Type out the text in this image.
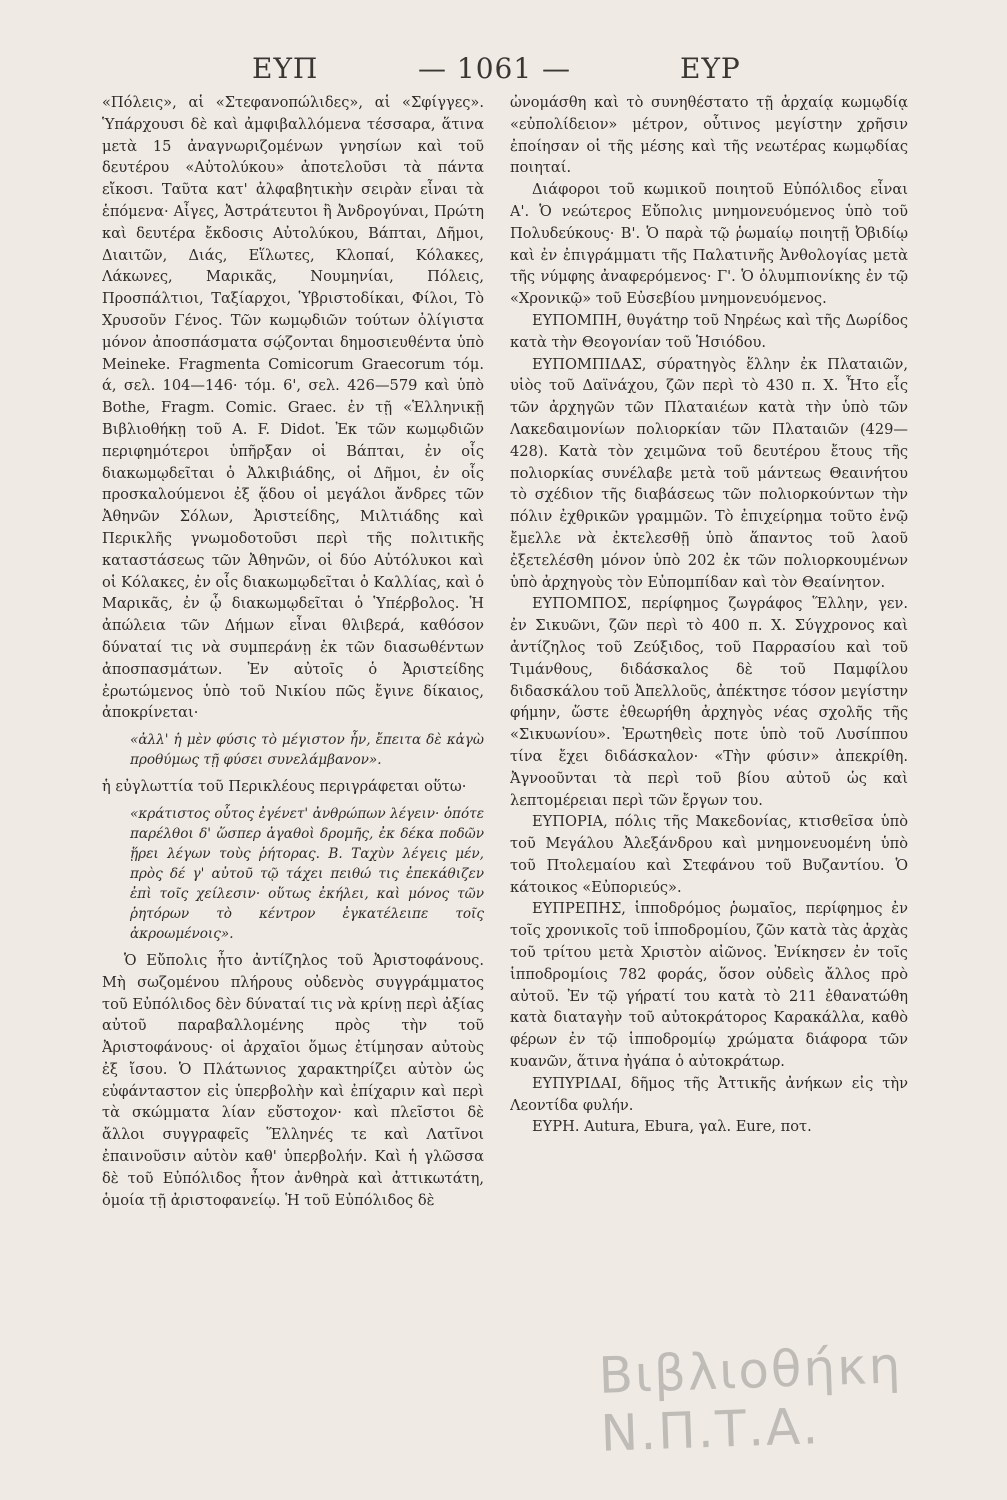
ΕΥΠ	— 1061 —	ΕΥΡ

«Πόλεις», αἱ «Στεφανοπώλιδες», αἱ «Σφίγγες». Ὑπάρχουσι δὲ καὶ ἀμφιβαλλόμενα τέσσαρα, ἅτινα μετὰ 15 ἀναγνωριζομένων γνησίων καὶ τοῦ δευτέρου «Αὐτολύκου» ἀποτελοῦσι τὰ πάντα εἴκοσι. Ταῦτα κατ' ἀλφαβητικὴν σειρὰν εἶναι τὰ ἑπόμενα· Αἶγες, Ἀστράτευτοι ἢ Ἀνδρογύναι, Πρώτη καὶ δευτέρα ἔκδοσις Αὐτολύκου, Βάπται, Δῆμοι, Διαιτῶν, Διάς, Εἵλωτες, Κλοπαί, Κόλακες, Λάκωνες, Μαρικᾶς, Νουμηνίαι, Πόλεις, Προσπάλτιοι, Ταξίαρχοι, Ὑβριστοδίκαι, Φίλοι, Τὸ Χρυσοῦν Γένος. Τῶν κωμῳδιῶν τούτων ὀλίγιστα μόνον ἀποσπάσματα σῴζονται δημοσιευθέντα ὑπὸ Meineke. Fragmenta Comicorum Graecorum τόμ. ά, σελ. 104—146· τόμ. 6', σελ. 426—579 καὶ ὑπὸ Bothe, Fragm. Comic. Graec. ἐν τῇ «Ἑλληνικῇ Βιβλιοθήκῃ τοῦ Α. F. Didot. Ἐκ τῶν κωμῳδιῶν περιφημότεροι ὑπῆρξαν οἱ Βάπται, ἐν οἷς διακωμῳδεῖται ὁ Ἀλκιβιάδης, οἱ Δῆμοι, ἐν οἷς προσκαλούμενοι ἐξ ᾅδου οἱ μεγάλοι ἄνδρες τῶν Ἀθηνῶν Σόλων, Ἀριστείδης, Μιλτιάδης καὶ Περικλῆς γνωμοδοτοῦσι περὶ τῆς πολιτικῆς καταστάσεως τῶν Ἀθηνῶν, οἱ δύο Αὐτόλυκοι καὶ οἱ Κόλακες, ἐν οἷς διακωμῳδεῖται ὁ Καλλίας, καὶ ὁ Μαρικᾶς, ἐν ᾧ διακωμῳδεῖται ὁ Ὑπέρβολος. Ἡ ἀπώλεια τῶν Δήμων εἶναι θλιβερά, καθόσον δύναταί τις νὰ συμπεράνῃ ἐκ τῶν διασωθέντων ἀποσπασμάτων. Ἐν αὐτοῖς ὁ Ἀριστείδης ἐρωτώμενος ὑπὸ τοῦ Νικίου πῶς ἔγινε δίκαιος, ἀποκρίνεται·

«ἀλλ' ἡ μὲν φύσις τὸ μέγιστον ἦν, ἔπειτα δὲ κἀγὼ προθύμως τῇ φύσει συνελάμβανον».

ἡ εὐγλωττία τοῦ Περικλέους περιγράφεται οὕτω·

«κράτιστος οὗτος ἐγένετ' ἀνθρώπων λέγειν· ὁπότε παρέλθοι δ' ὥσπερ ἀγαθοὶ δρομῆς, ἐκ δέκα ποδῶν ᾕρει λέγων τοὺς ῥήτορας. Β. Ταχὺν λέγεις μέν, πρὸς δέ γ' αὐτοῦ τῷ τάχει πειθώ τις ἐπεκάθιζεν ἐπὶ τοῖς χείλεσιν· οὕτως ἐκήλει, καὶ μόνος τῶν ῥητόρων τὸ κέντρον ἐγκατέλειπε τοῖς ἀκροωμένοις».

Ὁ Εὔπολις ἦτο ἀντίζηλος τοῦ Ἀριστοφάνους. Μὴ σωζομένου πλήρους οὐδενὸς συγγράμματος τοῦ Εὐπόλιδος δὲν δύναταί τις νὰ κρίνῃ περὶ ἀξίας αὐτοῦ παραβαλλομένης πρὸς τὴν τοῦ Ἀριστοφάνους· οἱ ἀρχαῖοι ὅμως ἐτίμησαν αὐτοὺς ἐξ ἴσου. Ὁ Πλάτωνιος χαρακτηρίζει αὐτὸν ὡς εὐφάνταστον εἰς ὑπερβολὴν καὶ ἐπίχαριν καὶ περὶ τὰ σκώμματα λίαν εὔστοχον· καὶ πλεῖστοι δὲ ἄλλοι συγγραφεῖς Ἕλληνές τε καὶ Λατῖνοι ἐπαινοῦσιν αὐτὸν καθ' ὑπερβολήν. Καὶ ἡ γλῶσσα δὲ τοῦ Εὐπόλιδος ἦτον ἀνθηρὰ καὶ ἀττικωτάτη, ὁμοία τῇ ἀριστοφανείῳ. Ἡ τοῦ Εὐπόλιδος δὲ

ὠνομάσθη καὶ τὸ συνηθέστατο τῇ ἀρχαίᾳ κωμῳδίᾳ «εὐπολίδειον» μέτρον, οὗτινος μεγίστην χρῆσιν ἐποίησαν οἱ τῆς μέσης καὶ τῆς νεωτέρας κωμῳδίας ποιηταί.

Διάφοροι τοῦ κωμικοῦ ποιητοῦ Εὐπόλιδος εἶναι Α'. Ὁ νεώτερος Εὔπολις μνημονευόμενος ὑπὸ τοῦ Πολυδεύκους· Β'. Ὁ παρὰ τῷ ῥωμαίῳ ποιητῇ Ὀβιδίῳ καὶ ἐν ἐπιγράμματι τῆς Παλατινῆς Ἀνθολογίας μετὰ τῆς νύμφης ἀναφερόμενος· Γ'. Ὁ ὀλυμπιονίκης ἐν τῷ «Χρονικῷ» τοῦ Εὐσεβίου μνημονευόμενος.

ΕΥΠΟΜΠΗ, θυγάτηρ τοῦ Νηρέως καὶ τῆς Δωρίδος κατὰ τὴν Θεογονίαν τοῦ Ἡσιόδου.

ΕΥΠΟΜΠΙΔΑΣ, σύρατηγὸς ἕλλην ἐκ Πλαταιῶν, υἱὸς τοῦ Δαϊνάχου, ζῶν περὶ τὸ 430 π. Χ. Ἦτο εἷς τῶν ἀρχηγῶν τῶν Πλαταιέων κατὰ τὴν ὑπὸ τῶν Λακεδαιμονίων πολιορκίαν τῶν Πλαταιῶν (429—428). Κατὰ τὸν χειμῶνα τοῦ δευτέρου ἔτους τῆς πολιορκίας συνέλαβε μετὰ τοῦ μάντεως Θεαινήτου τὸ σχέδιον τῆς διαβάσεως τῶν πολιορκούντων τὴν πόλιν ἐχθρικῶν γραμμῶν. Τὸ ἐπιχείρημα τοῦτο ἐνῷ ἔμελλε νὰ ἐκτελεσθῇ ὑπὸ ἅπαντος τοῦ λαοῦ ἐξετελέσθη μόνον ὑπὸ 202 ἐκ τῶν πολιορκουμένων ὑπὸ ἀρχηγοὺς τὸν Εὐπομπίδαν καὶ τὸν Θεαίνητον.

ΕΥΠΟΜΠΟΣ, περίφημος ζωγράφος Ἕλλην, γεν. ἐν Σικυῶνι, ζῶν περὶ τὸ 400 π. Χ. Σύγχρονος καὶ ἀντίζηλος τοῦ Ζεύξιδος, τοῦ Παρρασίου καὶ τοῦ Τιμάνθους, διδάσκαλος δὲ τοῦ Παμφίλου διδασκάλου τοῦ Ἀπελλοῦς, ἀπέκτησε τόσον μεγίστην φήμην, ὥστε ἐθεωρήθη ἀρχηγὸς νέας σχολῆς τῆς «Σικυωνίου». Ἐρωτηθεὶς ποτε ὑπὸ τοῦ Λυσίππου τίνα ἔχει διδάσκαλον· «Τὴν φύσιν» ἀπεκρίθη. Ἀγνοοῦνται τὰ περὶ τοῦ βίου αὐτοῦ ὡς καὶ λεπτομέρειαι περὶ τῶν ἔργων του.

ΕΥΠΟΡΙΑ, πόλις τῆς Μακεδονίας, κτισθεῖσα ὑπὸ τοῦ Μεγάλου Ἀλεξάνδρου καὶ μνημονευομένη ὑπὸ τοῦ Πτολεμαίου καὶ Στεφάνου τοῦ Βυζαντίου. Ὁ κάτοικος «Εὐποριεύς».

ΕΥΠΡΕΠΗΣ, ἱπποδρόμος ῥωμαῖος, περίφημος ἐν τοῖς χρονικοῖς τοῦ ἱπποδρομίου, ζῶν κατὰ τὰς ἀρχὰς τοῦ τρίτου μετὰ Χριστὸν αἰῶνος. Ἐνίκησεν ἐν τοῖς ἱπποδρομίοις 782 φοράς, ὅσον οὐδεὶς ἄλλος πρὸ αὐτοῦ. Ἐν τῷ γήρατί του κατὰ τὸ 211 ἐθανατώθη κατὰ διαταγὴν τοῦ αὐτοκράτορος Καρακάλλα, καθὸ φέρων ἐν τῷ ἱπποδρομίῳ χρώματα διάφορα τῶν κυανῶν, ἅτινα ἠγάπα ὁ αὐτοκράτωρ.

ΕΥΠΥΡΙΔΑΙ, δῆμος τῆς Ἀττικῆς ἀνήκων εἰς τὴν Λεοντίδα φυλήν.

ΕΥΡΗ. Autura, Ebura, γαλ. Eure, ποτ.

Βιβλιοθήκη Ν.Π.Τ.Α.
